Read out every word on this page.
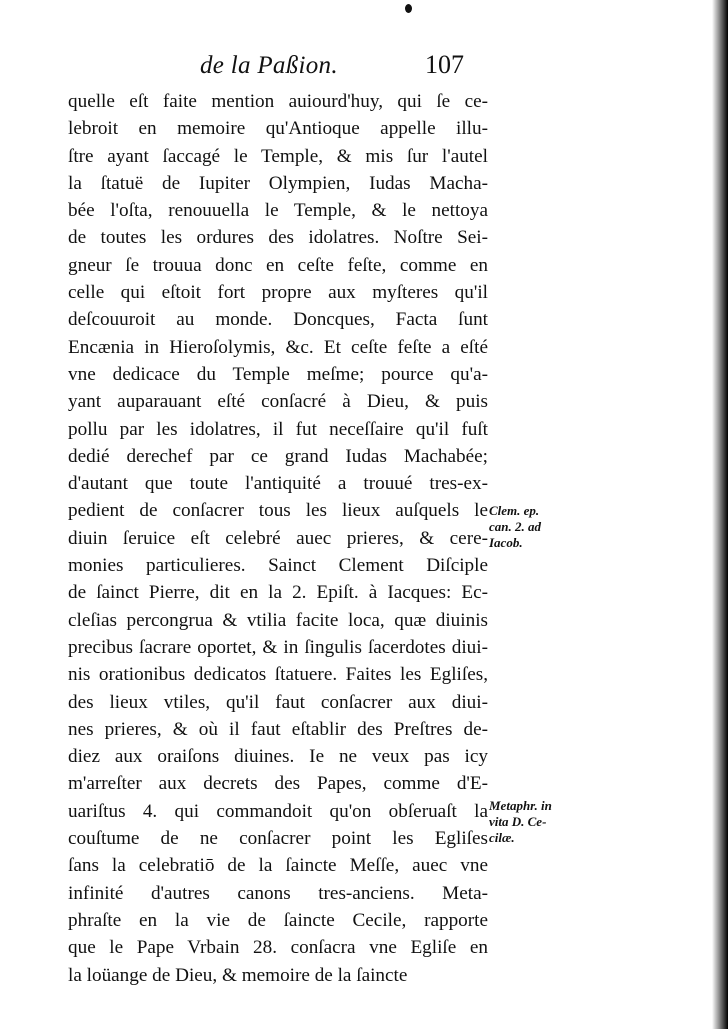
de la Paßion.	107
quelle eſt faite mention auiourd'huy, qui ſe ce-
lebroit en memoire qu'Antioque appelle illu-
ſtre ayant ſaccagé le Temple, & mis ſur l'autel
la ſtatuë de Iupiter Olympien, Iudas Macha-
bée l'oſta, renouuella le Temple, & le nettoya
de toutes les ordures des idolatres. Noſtre Sei-
gneur ſe trouua donc en ceſte feſte, comme en
celle qui eſtoit fort propre aux myſteres qu'il
deſcouuroit au monde. Doncques, Facta ſunt
Encænia in Hieroſolymis, &c. Et ceſte feſte a eſté
vne dedicace du Temple meſme; pource qu'a-
yant auparauant eſté conſacré à Dieu, & puis
pollu par les idolatres, il fut neceſſaire qu'il fuſt
dedié derechef par ce grand Iudas Machabée;
d'autant que toute l'antiquité a trouué tres-ex-
pedient de conſacrer tous les lieux auſquels le
diuin ſeruice eſt celebré auec prieres, & cere-
monies particulieres. Sainct Clement Diſciple
de ſainct Pierre, dit en la 2. Epiſt. à Iacques: Ec-
cleſias percongrua & vtilia facite loca, quæ diuinis
precibus ſacrare oportet, & in ſingulis ſacerdotes diui-
nis orationibus dedicatos ſtatuere. Faites les Egliſes,
des lieux vtiles, qu'il faut conſacrer aux diui-
nes prieres, & où il faut eſtablir des Preſtres de-
diez aux oraiſons diuines. Ie ne veux pas icy
m'arreſter aux decrets des Papes, comme d'E-
uariſtus 4. qui commandoit qu'on obſeruaſt la
couſtume de ne conſacrer point les Egliſes
ſans la celebratiō de la ſaincte Meſſe, auec vne
infinité d'autres canons tres-anciens. Meta-
phraſte en la vie de ſaincte Cecile, rapporte
que le Pape Vrbain 28. conſacra vne Egliſe en
la loüange de Dieu, & memoire de la ſaincte
Clem. ep.
can. 2. ad
Iacob.
Metaphr. in
vita D. Ce-
cilæ.
